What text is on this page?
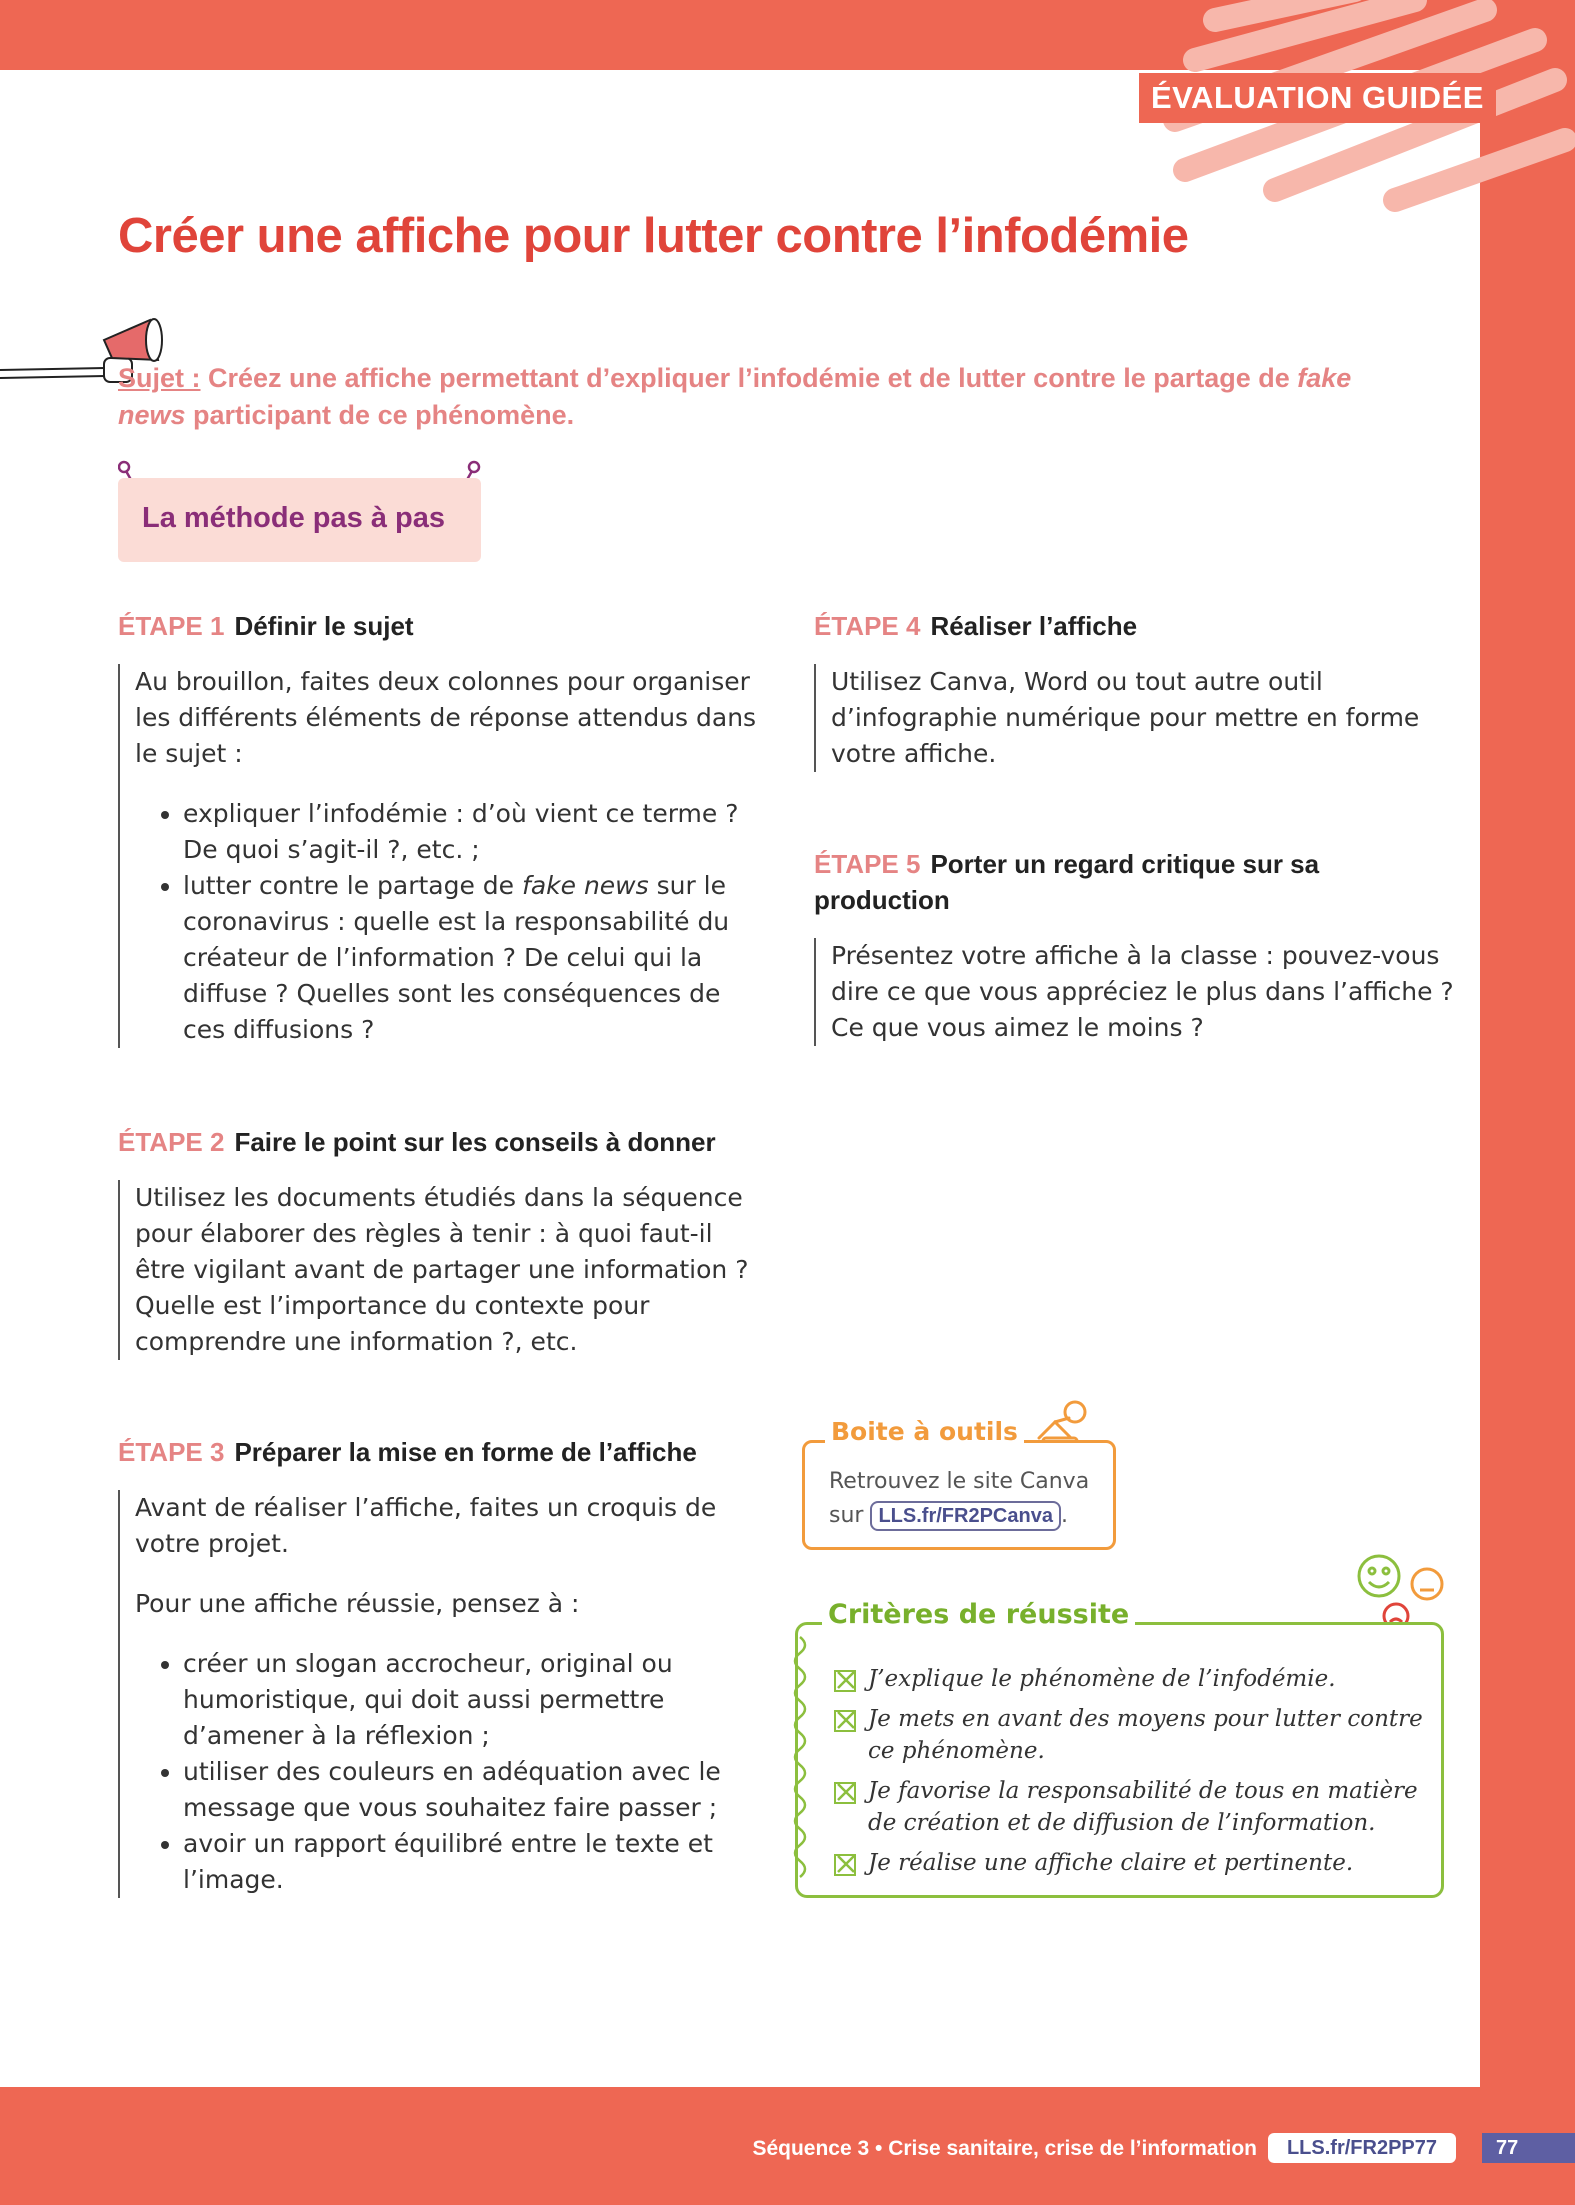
ÉVALUATION GUIDÉE
Créer une affiche pour lutter contre l’infodémie
Sujet : Créez une affiche permettant d’expliquer l’infodémie et de lutter contre le partage de fake news participant de ce phénomène.
La méthode pas à pas
ÉTAPE 1 Définir le sujet

Au brouillon, faites deux colonnes pour organiser les différents éléments de réponse attendus dans le sujet :

• expliquer l’infodémie : d’où vient ce terme ? De quoi s’agit-il ?, etc. ;
• lutter contre le partage de fake news sur le coronavirus : quelle est la responsabilité du créateur de l’information ? De celui qui la diffuse ? Quelles sont les conséquences de ces diffusions ?
ÉTAPE 2 Faire le point sur les conseils à donner

Utilisez les documents étudiés dans la séquence pour élaborer des règles à tenir : à quoi faut-il être vigilant avant de partager une information ? Quelle est l’importance du contexte pour comprendre une information ?, etc.

ÉTAPE 3 Préparer la mise en forme de l’affiche

Avant de réaliser l’affiche, faites un croquis de votre projet.

Pour une affiche réussie, pensez à :

• créer un slogan accrocheur, original ou humoristique, qui doit aussi permettre d’amener à la réflexion ;
• utiliser des couleurs en adéquation avec le message que vous souhaitez faire passer ;
• avoir un rapport équilibré entre le texte et l’image.
ÉTAPE 4 Réaliser l’affiche

Utilisez Canva, Word ou tout autre outil d’infographie numérique pour mettre en forme votre affiche.

ÉTAPE 5 Porter un regard critique sur sa production

Présentez votre affiche à la classe : pouvez-vous dire ce que vous appréciez le plus dans l’affiche ? Ce que vous aimez le moins ?

Boite à outils
Retrouvez le site Canva
sur LLS.fr/FR2PCanva .
Critères de réussite
J’explique le phénomène de l’infodémie.
Je mets en avant des moyens pour lutter contre ce phénomène.
Je favorise la responsabilité de tous en matière de création et de diffusion de l’information.
Je réalise une affiche claire et pertinente.
Séquence 3 • Crise sanitaire, crise de l’information	LLS.fr/FR2PP77	77
